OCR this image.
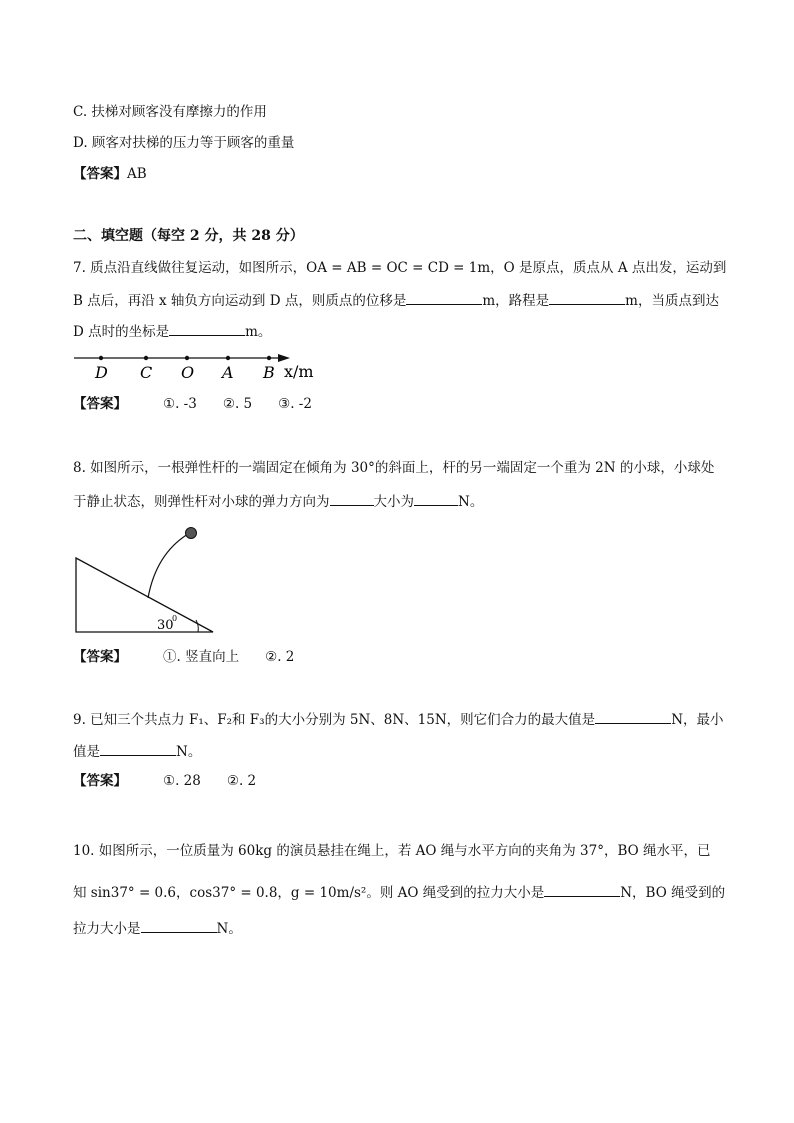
C. 扶梯对顾客没有摩擦力的作用
D. 顾客对扶梯的压力等于顾客的重量
【答案】AB
二、填空题（每空 2 分，共 28 分）
7. 质点沿直线做往复运动，如图所示，OA = AB = OC = CD = 1m，O 是原点，质点从 A 点出发，运动到
B 点后，再沿 x 轴负方向运动到 D 点，则质点的位移是	m，路程是	m，当质点到达
D 点时的坐标是	m。
D C O A B x/m
【答案】	①. -3 ②. 5 ③. -2
8. 如图所示，一根弹性杆的一端固定在倾角为 30°的斜面上，杆的另一端固定一个重为 2N 的小球，小球处
于静止状态，则弹性杆对小球的弹力方向为	大小为	N。
30
0
【答案】	①. 竖直向上 ②. 2
9. 已知三个共点力 F₁、F₂和 F₃的大小分别为 5N、8N、15N，则它们合力的最大值是	N，最小
值是	N。
【答案】	①. 28 ②. 2
10. 如图所示，一位质量为 60kg 的演员悬挂在绳上，若 AO 绳与水平方向的夹角为 37°，BO 绳水平，已
知 sin37° = 0.6，cos37° = 0.8，g = 10m/s²。则 AO 绳受到的拉力大小是	N，BO 绳受到的
拉力大小是	N。
